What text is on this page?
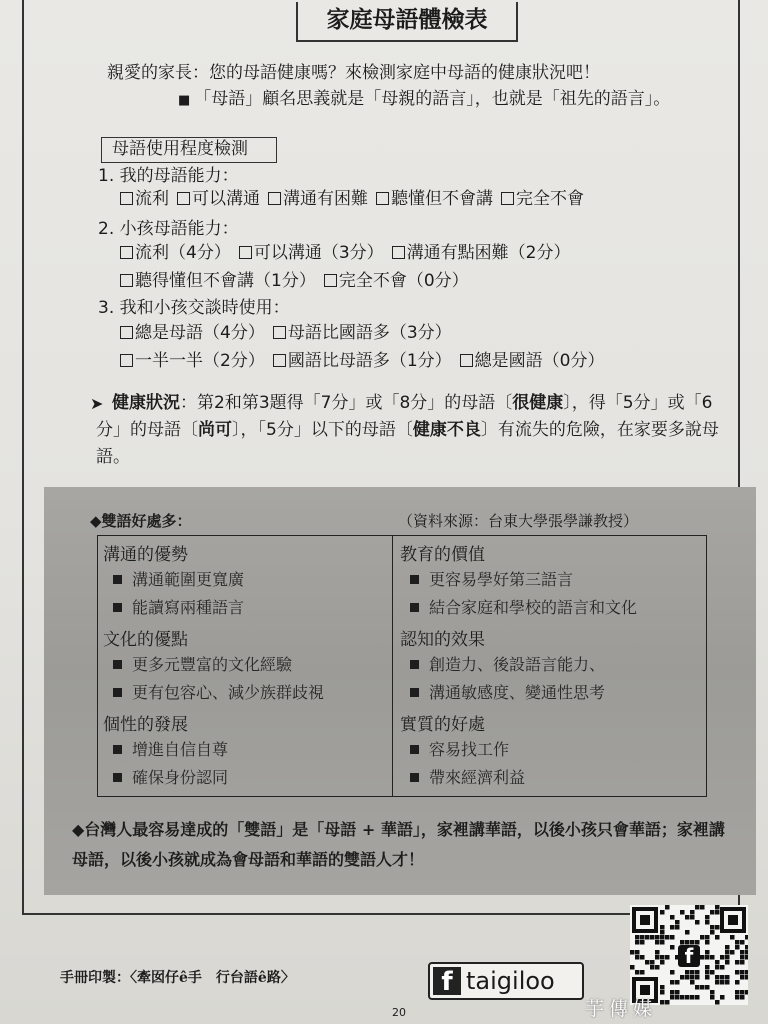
家庭母語體檢表
親愛的家長：您的母語健康嗎？來檢測家庭中母語的健康狀況吧！
■ 「母語」顧名思義就是「母親的語言」，也就是「祖先的語言」。
母語使用程度檢測
1. 我的母語能力：
流利 可以溝通 溝通有困難 聽懂但不會講 完全不會
2. 小孩母語能力：
流利（4分） 可以溝通（3分） 溝通有點困難（2分）
聽得懂但不會講（1分） 完全不會（0分）
3. 我和小孩交談時使用：
總是母語（4分） 母語比國語多（3分）
一半一半（2分） 國語比母語多（1分） 總是國語（0分）
➤ 健康狀況：第2和第3題得「7分」或「8分」的母語〔很健康〕，得「5分」或「6分」的母語〔尚可〕，「5分」以下的母語〔健康不良〕有流失的危險，在家要多說母語。
◆雙語好處多：	（資料來源：台東大學張學謙教授）
溝通的優勢
溝通範圍更寬廣
能讀寫兩種語言
文化的優點
更多元豐富的文化經驗
更有包容心、減少族群歧視
個性的發展
增進自信自尊
確保身份認同
教育的價值
更容易學好第三語言
結合家庭和學校的語言和文化
認知的效果
創造力、後設語言能力、
溝通敏感度、變通性思考
實質的好處
容易找工作
帶來經濟利益
◆台灣人最容易達成的「雙語」是「母語 + 華語」，家裡講華語，以後小孩只會華語；家裡講母語，以後小孩就成為會母語和華語的雙語人才！
手冊印製：〈牽囡仔ê手　行台語ê路〉	f taigiloo
20
f
芋傳媒
